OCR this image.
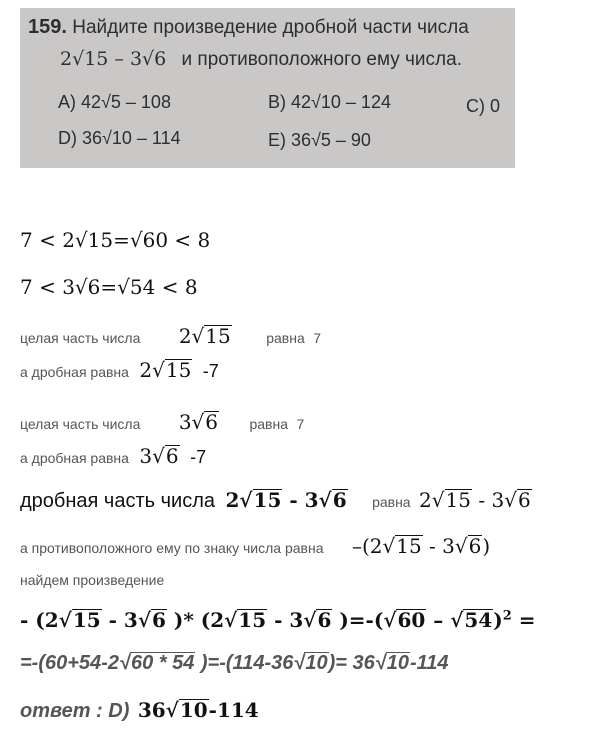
159. Найдите произведение дробной части числа
2√15 – 3√6 и противоположного ему числа.
A) 42√5 – 108	B) 42√10 – 124	C) 0
D) 36√10 – 114	E) 36√5 – 90
7 < 2√15=√60 < 8
7 < 3√6=√54 < 8
целая часть числа 2√15	равна 7
а дробная равна 2√15 -7
целая часть числа 3√6 равна 7
а дробная равна 3√6 -7
дробная часть числа 2√15 - 3√6 равна 2√15 - 3√6
а противоположного ему по знаку числа равна –(2√15 - 3√6)
найдем произведение
- (2√15 - 3√6 )* (2√15 - 3√6 )=-(√60 – √54)$^2$ =
=-(60+54-2√60 * 54 )=-(114-36√10)= 36√10-114
ответ : D) 36√10-114
